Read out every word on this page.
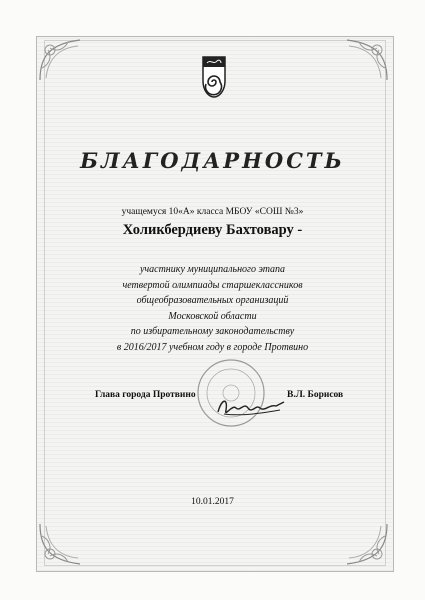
БЛАГОДАРНОСТЬ
учащемуся 10«А» класса МБОУ «СОШ №3»
Холикбердиеву Бахтовару -
участнику муниципального этапа
четвертой олимпиады старшеклассников
общеобразовательных организаций
Московской области
по избирательному законодательству
в 2016/2017 учебном году в городе Протвино
Глава города Протвино	В.Л. Борисов
10.01.2017
